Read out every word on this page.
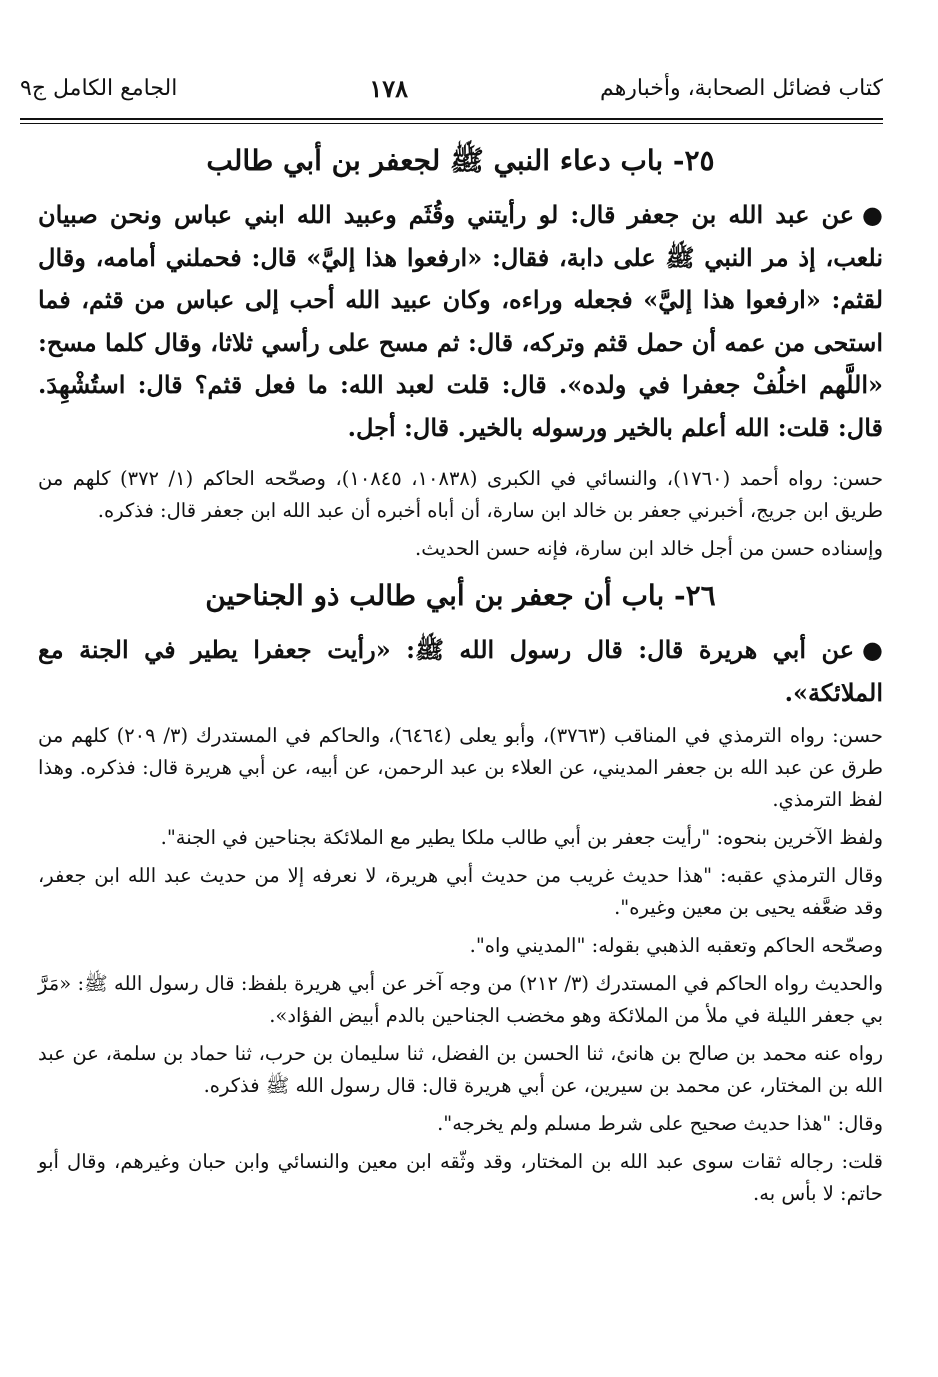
كتاب فضائل الصحابة، وأخبارهم
١٧٨
الجامع الكامل ج٩
٢٥- باب دعاء النبي ﷺ لجعفر بن أبي طالب

●عن عبد الله بن جعفر قال: لو رأيتني وقُثَم وعبيد الله ابني عباس ونحن صبيان نلعب، إذ مر النبي ﷺ على دابة، فقال: «ارفعوا هذا إليَّ» قال: فحملني أمامه، وقال لقثم: «ارفعوا هذا إليَّ» فجعله وراءه، وكان عبيد الله أحب إلى عباس من قثم، فما استحى من عمه أن حمل قثم وتركه، قال: ثم مسح على رأسي ثلاثا، وقال كلما مسح: «اللَّهم اخلُفْ جعفرا في ولده». قال: قلت لعبد الله: ما فعل قثم؟ قال: استُشْهِدَ. قال: قلت: الله أعلم بالخير ورسوله بالخير. قال: أجل.

حسن: رواه أحمد (١٧٦٠)، والنسائي في الكبرى (١٠٨٣٨، ١٠٨٤٥)، وصحّحه الحاكم (١/ ٣٧٢) كلهم من طريق ابن جريج، أخبرني جعفر بن خالد ابن سارة، أن أباه أخبره أن عبد الله ابن جعفر قال: فذكره.

وإسناده حسن من أجل خالد ابن سارة، فإنه حسن الحديث.

٢٦- باب أن جعفر بن أبي طالب ذو الجناحين

●عن أبي هريرة قال: قال رسول الله ﷺ: «رأيت جعفرا يطير في الجنة مع الملائكة».

حسن: رواه الترمذي في المناقب (٣٧٦٣)، وأبو يعلى (٦٤٦٤)، والحاكم في المستدرك (٣/ ٢٠٩) كلهم من طرق عن عبد الله بن جعفر المديني، عن العلاء بن عبد الرحمن، عن أبيه، عن أبي هريرة قال: فذكره. وهذا لفظ الترمذي.

ولفظ الآخرين بنحوه: "رأيت جعفر بن أبي طالب ملكا يطير مع الملائكة بجناحين في الجنة".

وقال الترمذي عقبه: "هذا حديث غريب من حديث أبي هريرة، لا نعرفه إلا من حديث عبد الله ابن جعفر، وقد ضعَّفه يحيى بن معين وغيره".

وصحّحه الحاكم وتعقبه الذهبي بقوله: "المديني واه".

والحديث رواه الحاكم في المستدرك (٣/ ٢١٢) من وجه آخر عن أبي هريرة بلفظ: قال رسول الله ﷺ: «مَرَّ بي جعفر الليلة في ملأ من الملائكة وهو مخضب الجناحين بالدم أبيض الفؤاد».

رواه عنه محمد بن صالح بن هانئ، ثنا الحسن بن الفضل، ثنا سليمان بن حرب، ثنا حماد بن سلمة، عن عبد الله بن المختار، عن محمد بن سيرين، عن أبي هريرة قال: قال رسول الله ﷺ فذكره.

وقال: "هذا حديث صحيح على شرط مسلم ولم يخرجه".

قلت: رجاله ثقات سوى عبد الله بن المختار، وقد وثّقه ابن معين والنسائي وابن حبان وغيرهم، وقال أبو حاتم: لا بأس به.
